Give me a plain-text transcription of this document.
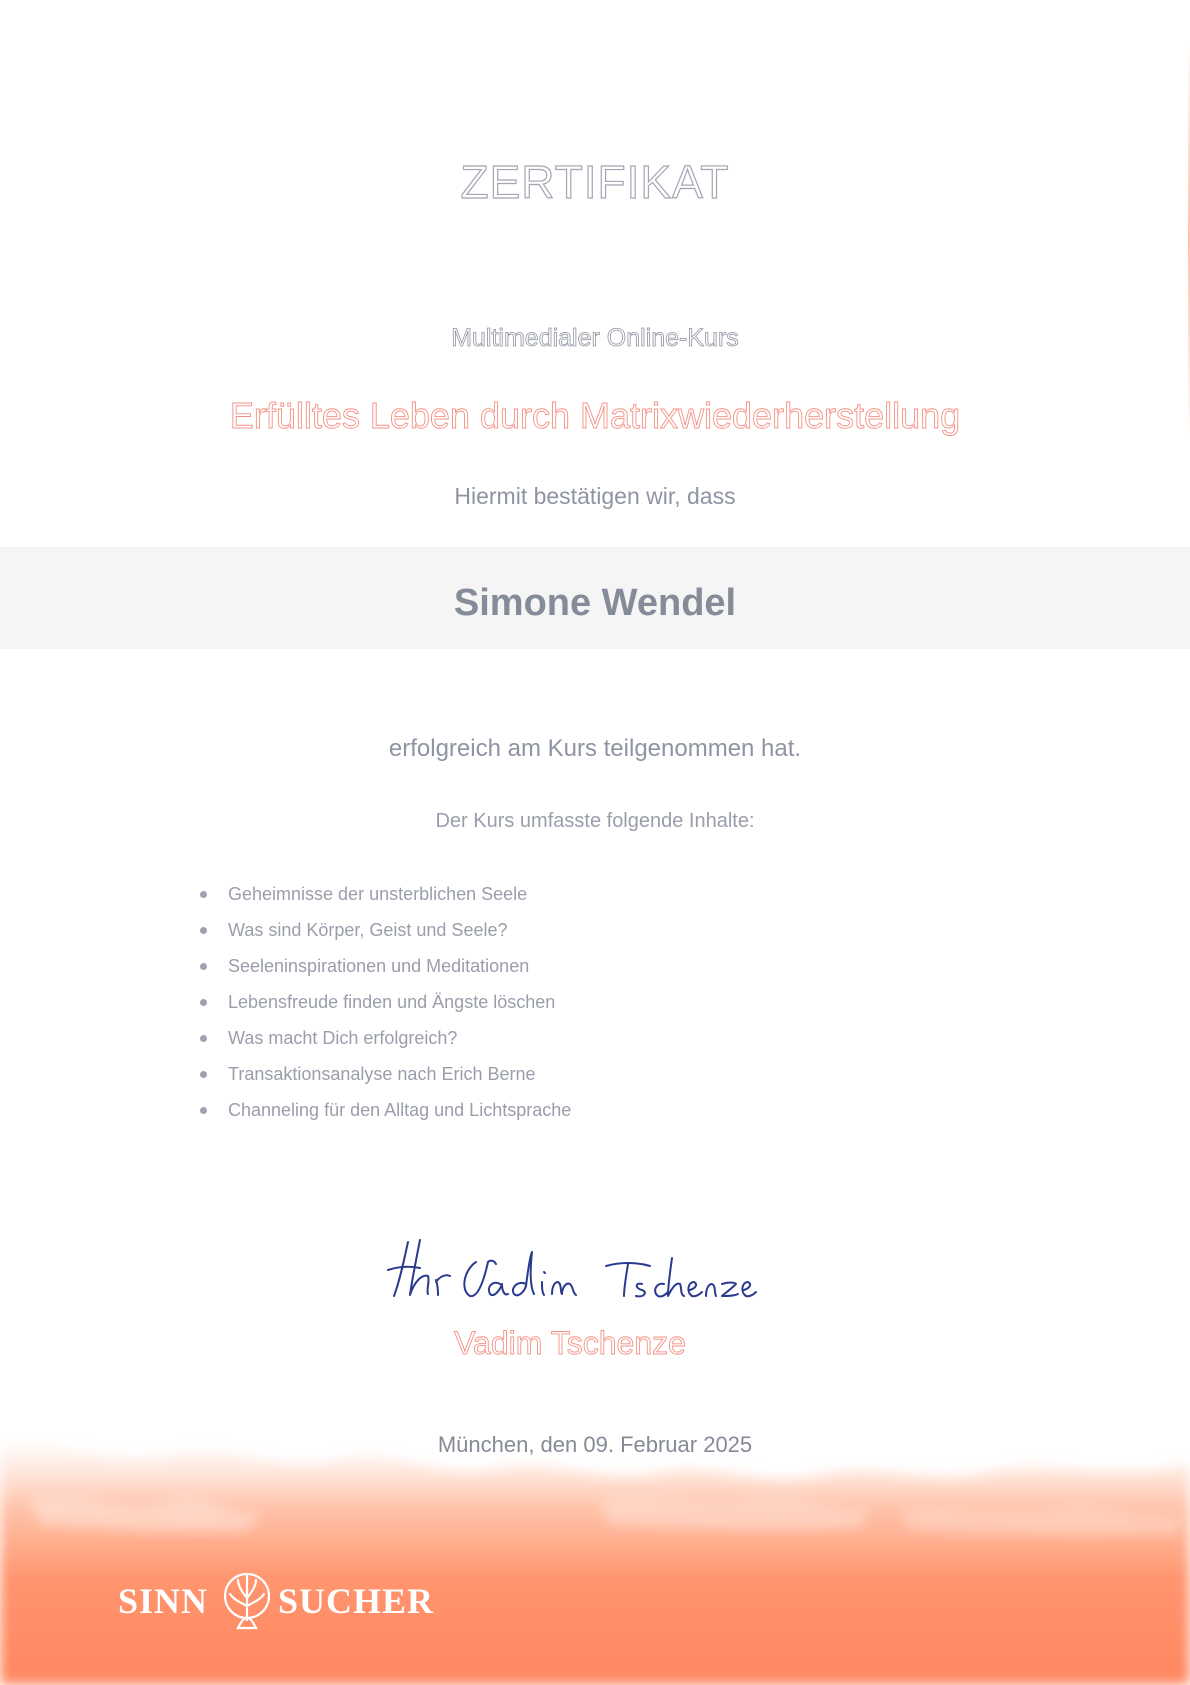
ZERTIFIKAT
Multimedialer Online-Kurs
Erfülltes Leben durch Matrixwiederherstellung
Hiermit bestätigen wir, dass
Simone Wendel
erfolgreich am Kurs teilgenommen hat.
Der Kurs umfasste folgende Inhalte:
Geheimnisse der unsterblichen Seele
Was sind Körper, Geist und Seele?
Seeleninspirationen und Meditationen
Lebensfreude finden und Ängste löschen
Was macht Dich erfolgreich?
Transaktionsanalyse nach Erich Berne
Channeling für den Alltag und Lichtsprache
Vadim Tschenze
München, den 09. Februar 2025
SINN SUCHER
